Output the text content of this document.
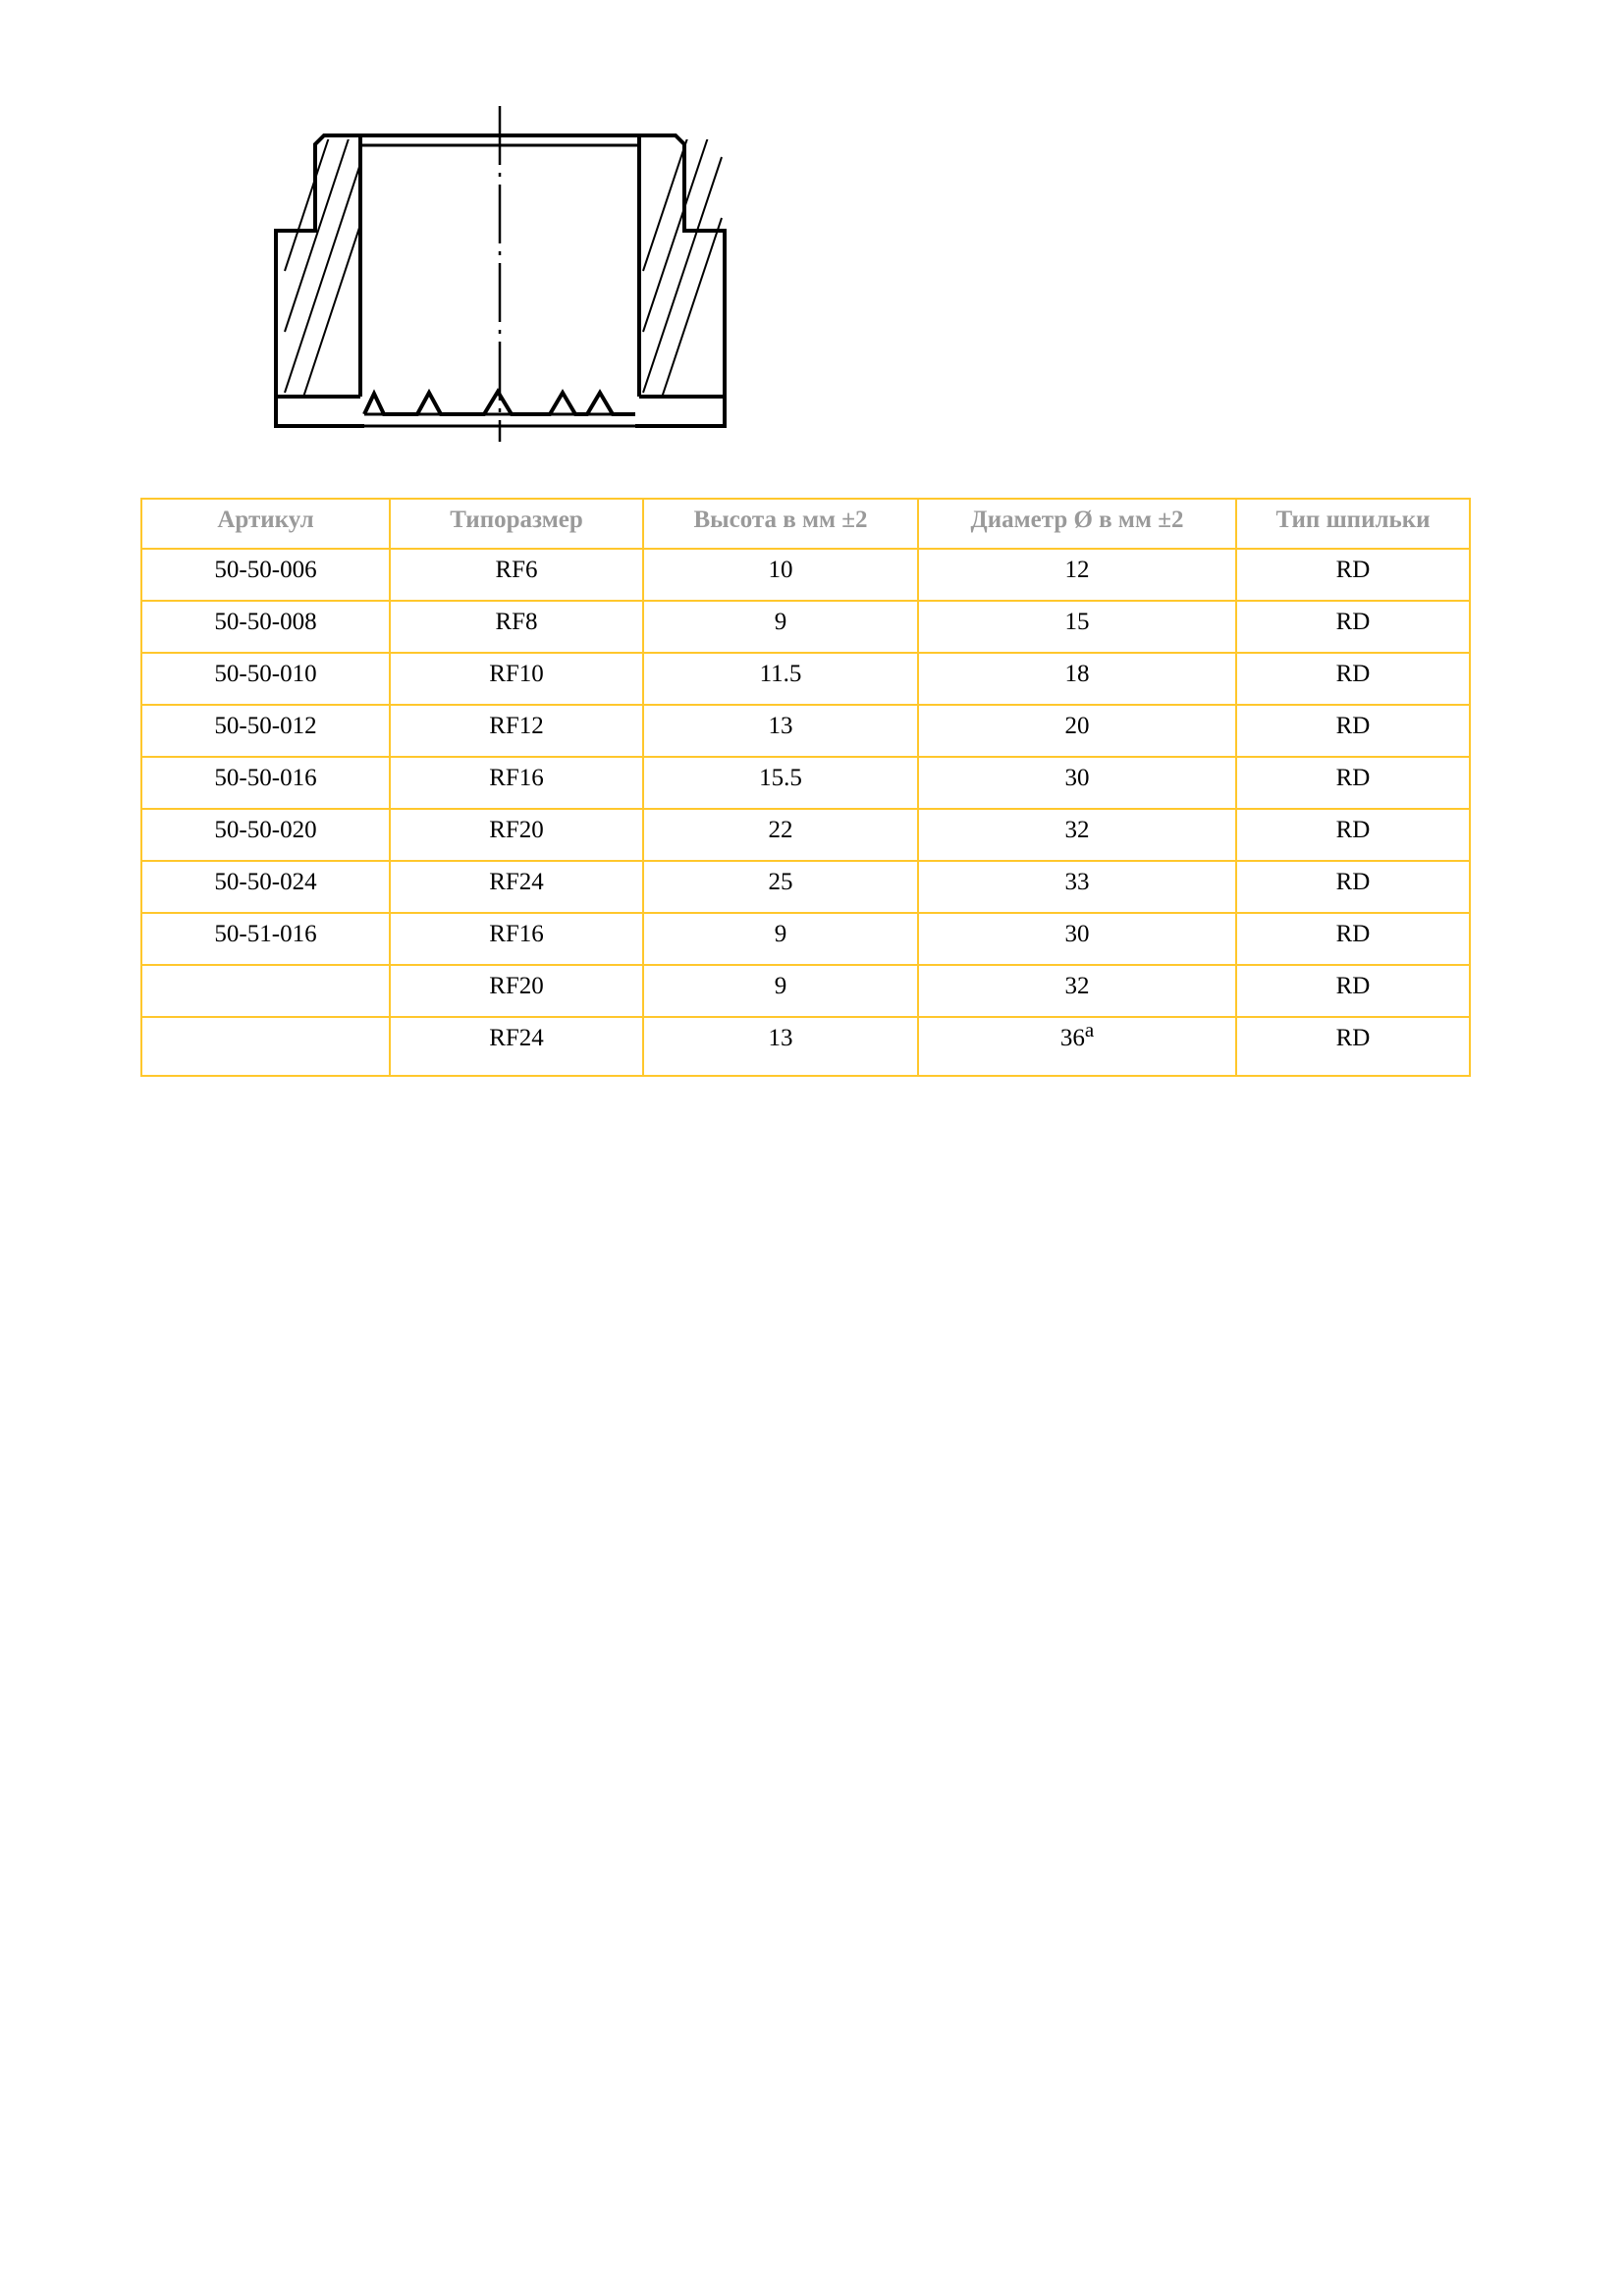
Артикул	Типоразмер	Высота в мм ±2	Диаметр Ø в мм ±2	Тип шпильки
50-50-006	RF6	10	12	RD
50-50-008	RF8	9	15	RD
50-50-010	RF10	11.5	18	RD
50-50-012	RF12	13	20	RD
50-50-016	RF16	15.5	30	RD
50-50-020	RF20	22	32	RD
50-50-024	RF24	25	33	RD
50-51-016	RF16	9	30	RD
	RF20	9	32	RD
	RF24	13	36$^a$	RD
